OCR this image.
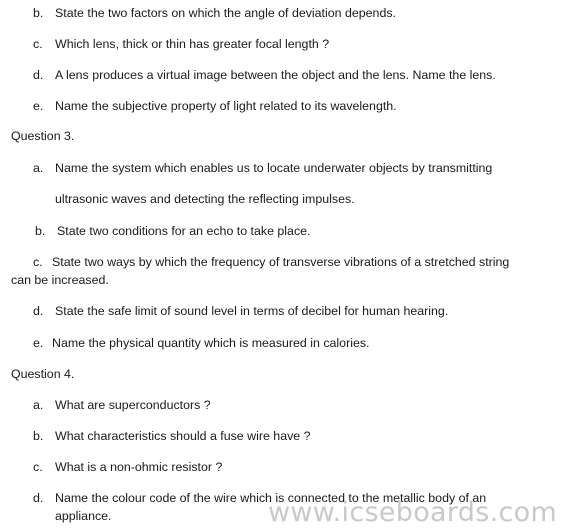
b. State the two factors on which the angle of deviation depends.
c. Which lens, thick or thin has greater focal length ?
d. A lens produces a virtual image between the object and the lens. Name the lens.
e. Name the subjective property of light related to its wavelength.
Question 3.
a. Name the system which enables us to locate underwater objects by transmitting
ultrasonic waves and detecting the reflecting impulses.
b. State two conditions for an echo to take place.
c. State two ways by which the frequency of transverse vibrations of a stretched string
can be increased.
d. State the safe limit of sound level in terms of decibel for human hearing.
e. Name the physical quantity which is measured in calories.
Question 4.
a. What are superconductors ?
b. What characteristics should a fuse wire have ?
c. What is a non-ohmic resistor ?
d. Name the colour code of the wire which is connected to the metallic body of an
appliance.	www.icseboards.com
